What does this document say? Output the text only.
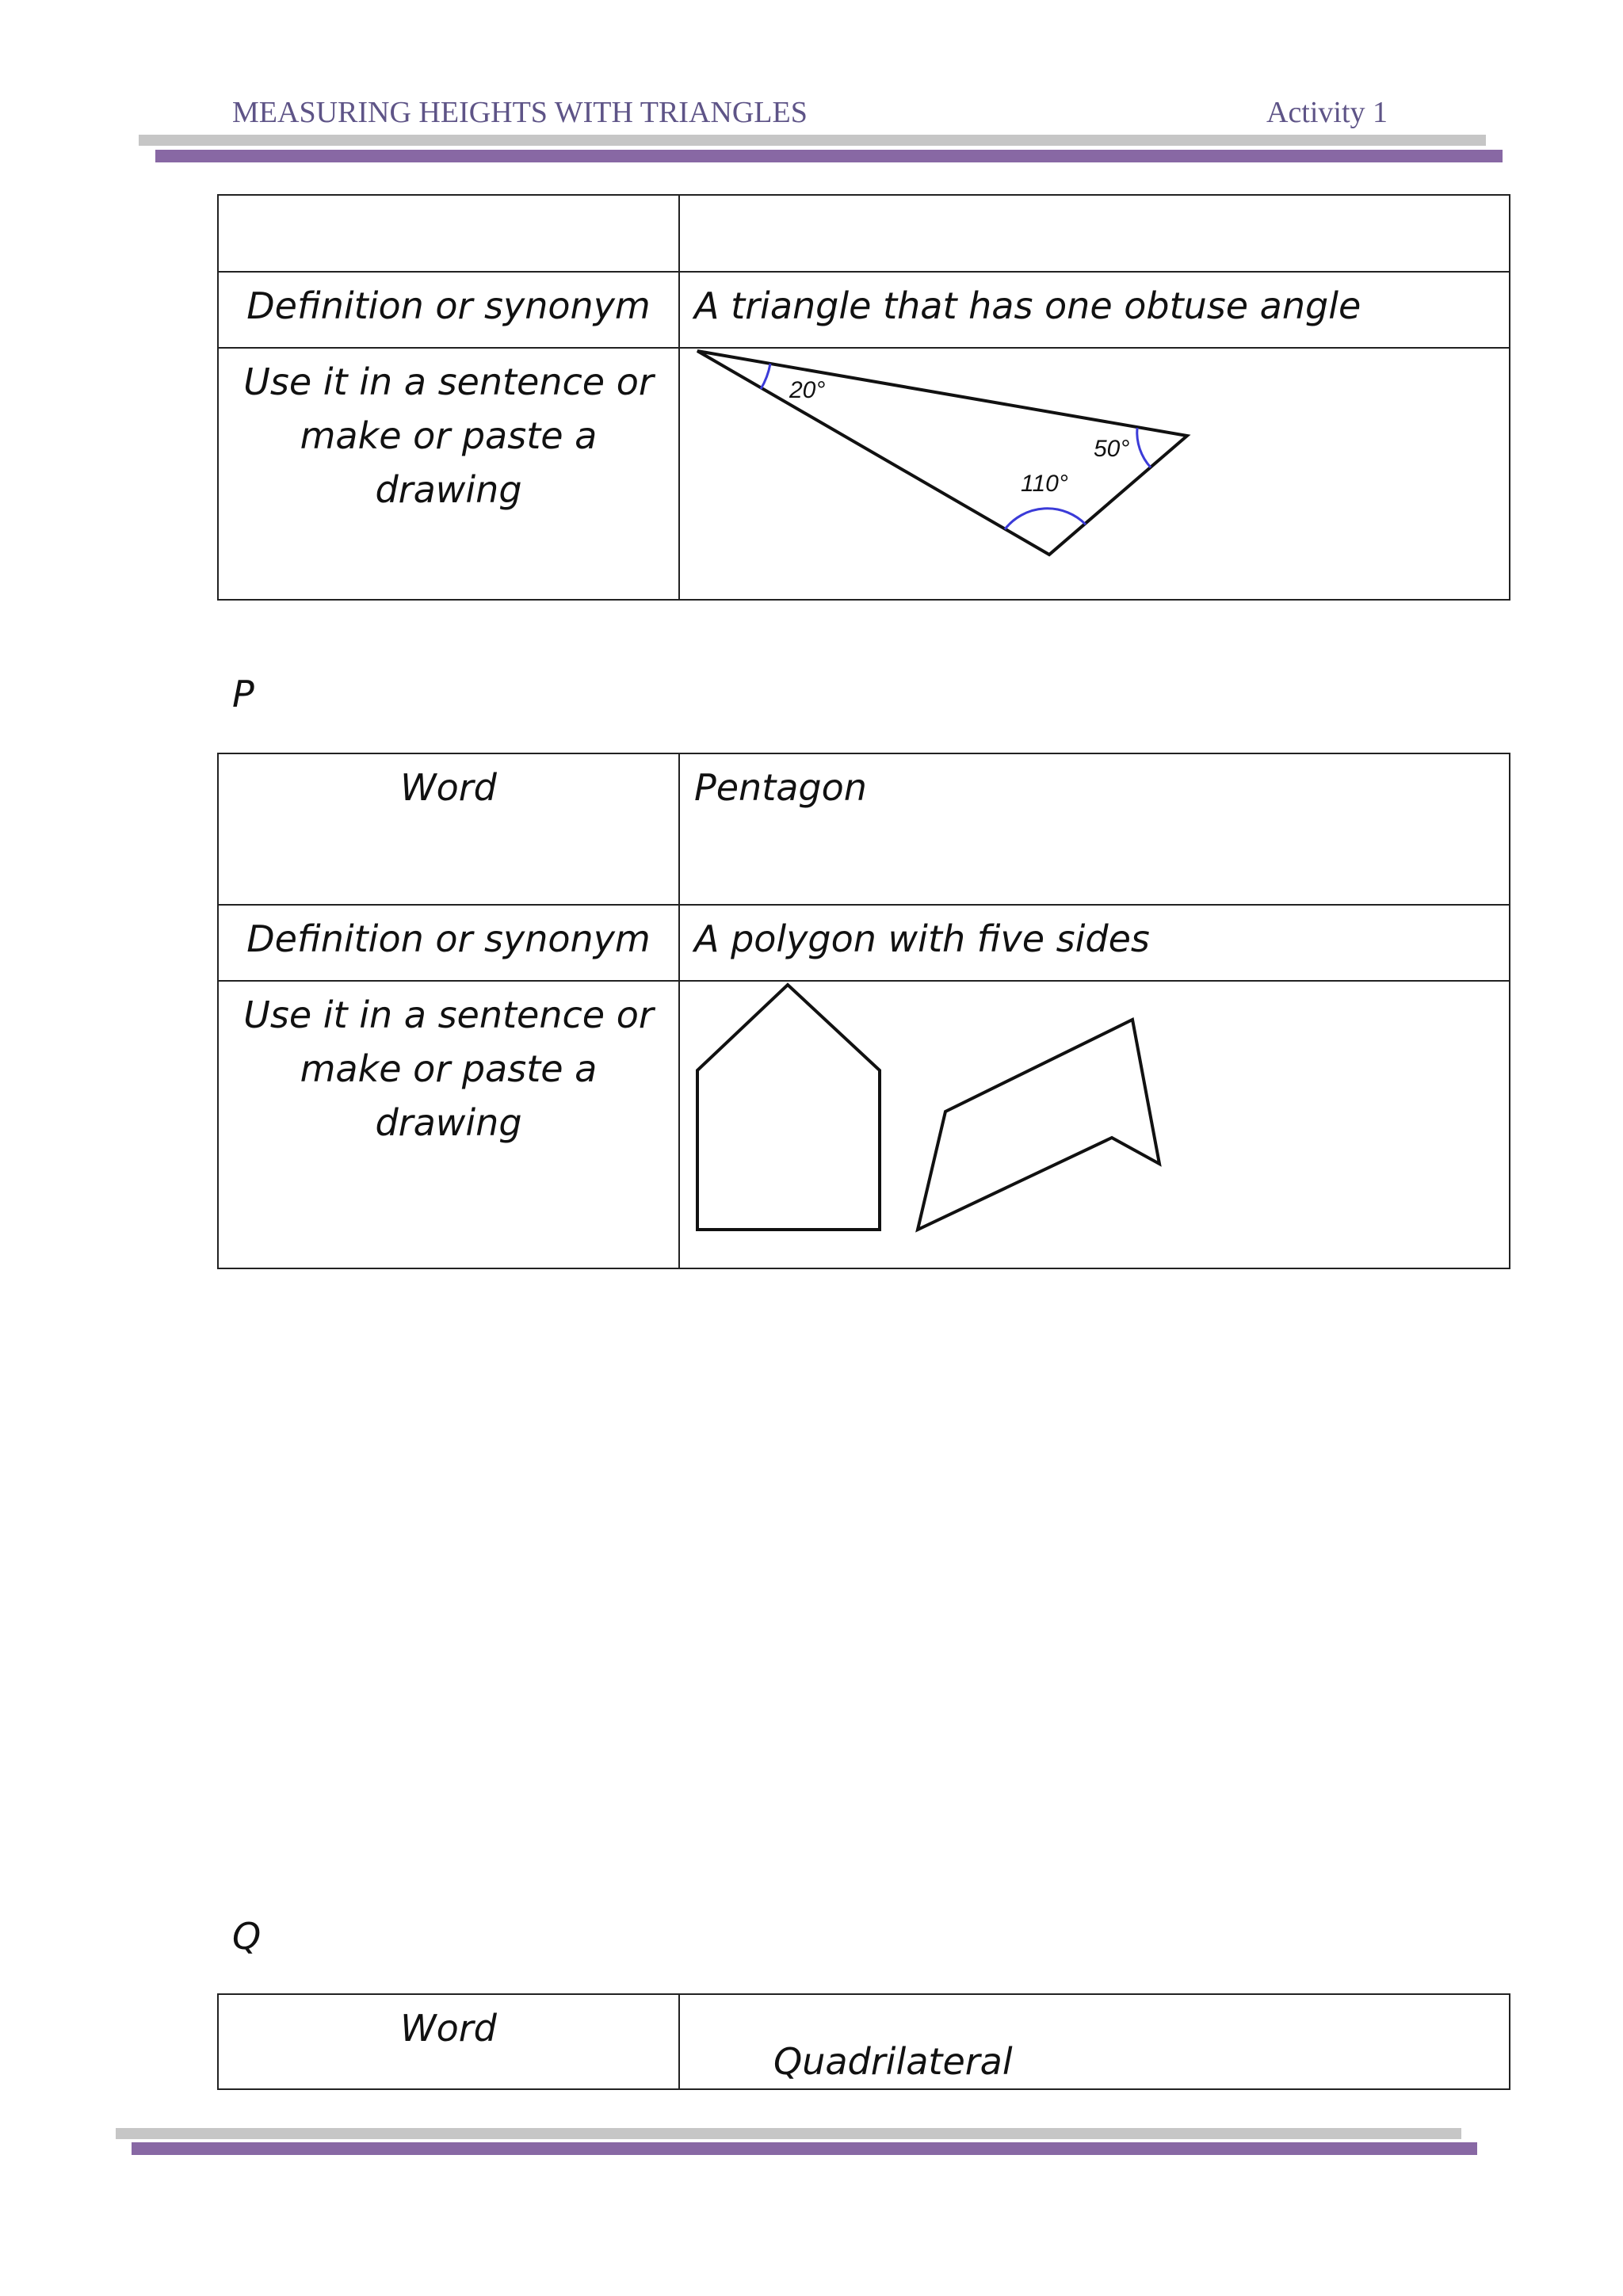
MEASURING HEIGHTS WITH TRIANGLES	Activity 1

Definition or synonym	A triangle that has one obtuse angle
Use it in a sentence or make or paste a drawing	20°
50°
110°
P
Word	Pentagon
Definition or synonym	A polygon with five sides
Use it in a sentence or make or paste a drawing	
Q
Word	Quadrilateral
